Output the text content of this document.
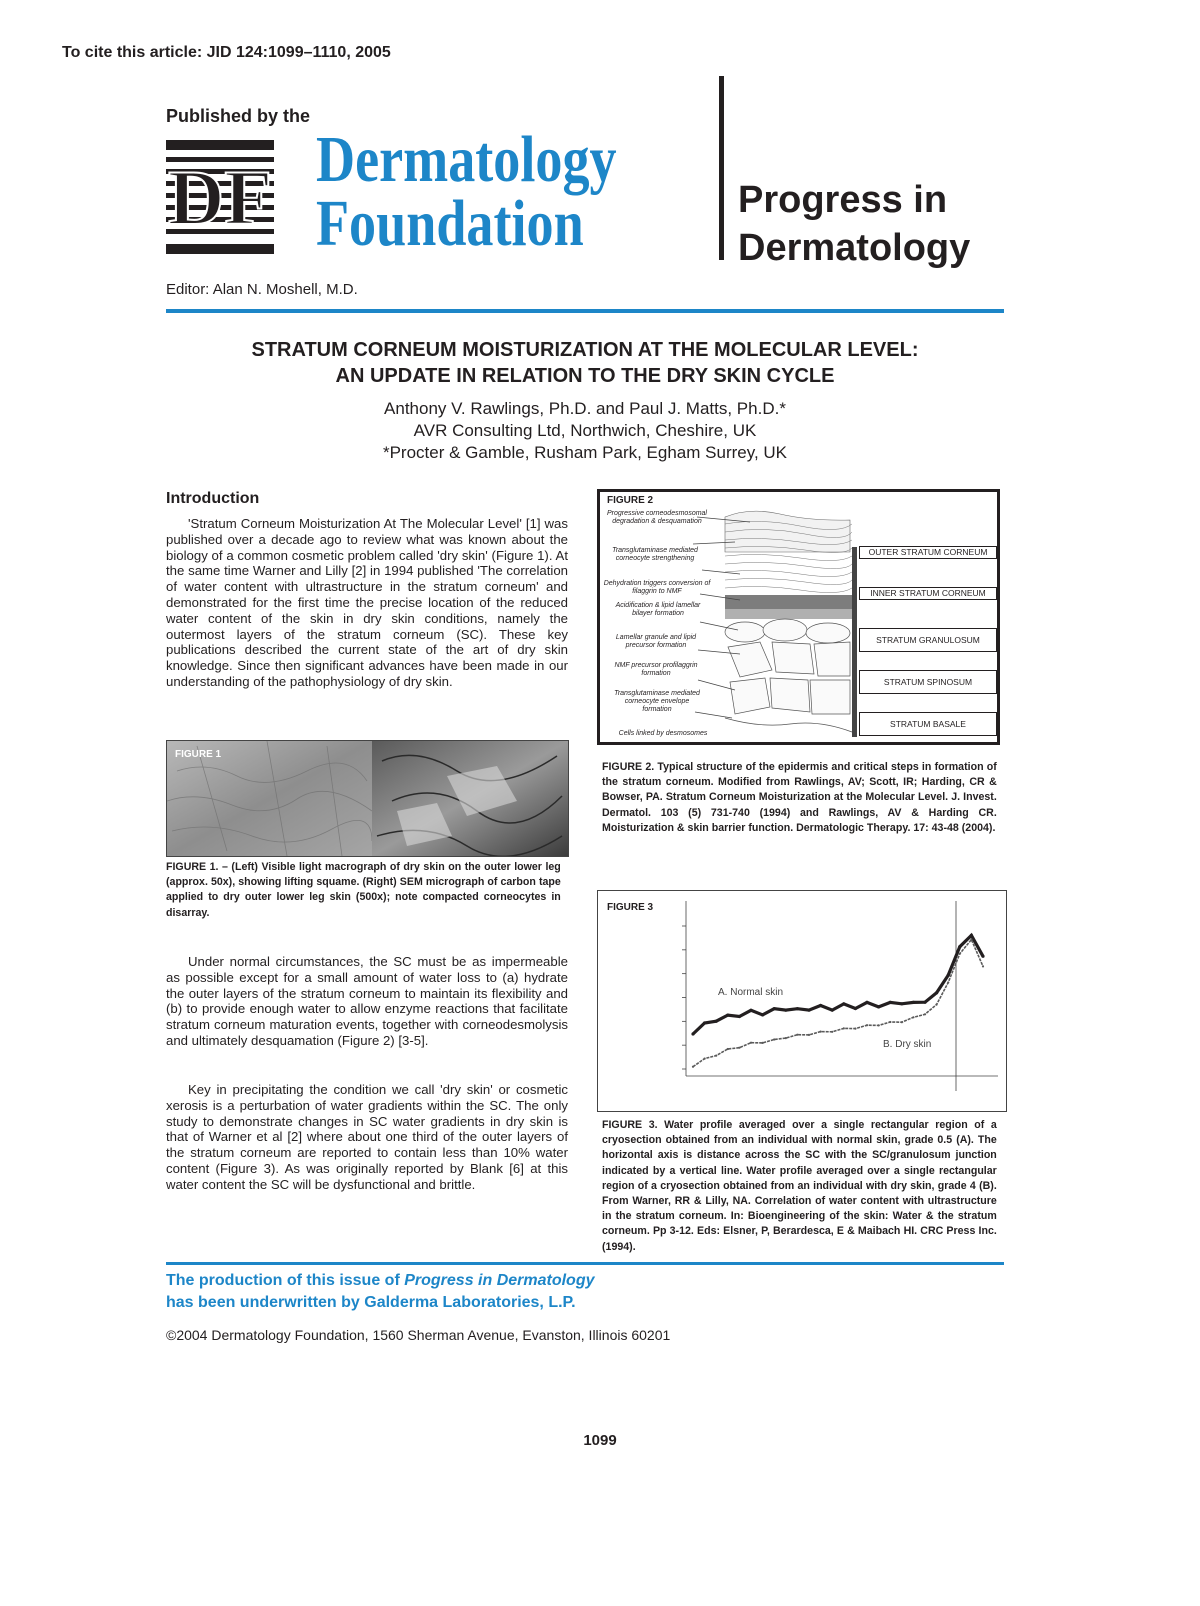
To cite this article: JID 124:1099–1110, 2005
Published by the
DF Dermatology
Foundation	Progress in
Dermatology
Editor: Alan N. Moshell, M.D.
STRATUM CORNEUM MOISTURIZATION AT THE MOLECULAR LEVEL:
AN UPDATE IN RELATION TO THE DRY SKIN CYCLE
Anthony V. Rawlings, Ph.D. and Paul J. Matts, Ph.D.*
AVR Consulting Ltd, Northwich, Cheshire, UK
*Procter & Gamble, Rusham Park, Egham Surrey, UK
Introduction

'Stratum Corneum Moisturization At The Molecular Level' [1] was published over a decade ago to review what was known about the biology of a common cosmetic problem called 'dry skin' (Figure 1). At the same time Warner and Lilly [2] in 1994 published 'The correlation of water content with ultrastructure in the stratum corneum' and demonstrated for the first time the precise location of the reduced water content of the skin in dry skin conditions, namely the outermost layers of the stratum corneum (SC). These key publications described the current state of the art of dry skin knowledge. Since then significant advances have been made in our understanding of the pathophysiology of dry skin.

FIGURE 1
FIGURE 1. – (Left) Visible light macrograph of dry skin on the outer lower leg (approx. 50x), showing lifting squame. (Right) SEM micrograph of carbon tape applied to dry outer lower leg skin (500x); note compacted corneocytes in disarray.

Under normal circumstances, the SC must be as impermeable as possible except for a small amount of water loss to (a) hydrate the outer layers of the stratum corneum to maintain its flexibility and (b) to provide enough water to allow enzyme reactions that facilitate stratum corneum maturation events, together with corneodesmolysis and ultimately desquamation (Figure 2) [3-5].

Key in precipitating the condition we call 'dry skin' or cosmetic xerosis is a perturbation of water gradients within the SC. The only study to demonstrate changes in SC water gradients in dry skin is that of Warner et al [2] where about one third of the outer layers of the stratum corneum are reported to contain less than 10% water content (Figure 3). As was originally reported by Blank [6] at this water content the SC will be dysfunctional and brittle.

FIGURE 2
Progressive corneodesmosomal degradation & desquamation
Transglutaminase mediated corneocyte strengthening
Dehydration triggers conversion of filaggrin to NMF
Acidification & lipid lamellar bilayer formation
Lamellar granule and lipid precursor formation
NMF precursor profilaggrin formation
Transglutaminase mediated corneocyte envelope formation
Cells linked by desmosomes
OUTER STRATUM CORNEUM
INNER STRATUM CORNEUM
STRATUM GRANULOSUM
STRATUM SPINOSUM
STRATUM BASALE
FIGURE 2. Typical structure of the epidermis and critical steps in formation of the stratum corneum. Modified from Rawlings, AV; Scott, IR; Harding, CR & Bowser, PA. Stratum Corneum Moisturization at the Molecular Level. J. Invest. Dermatol. 103 (5) 731-740 (1994) and Rawlings, AV & Harding CR. Moisturization & skin barrier function. Dermatologic Therapy. 17: 43-48 (2004).
FIGURE 3
A. Normal skin
B. Dry skin
FIGURE 3. Water profile averaged over a single rectangular region of a cryosection obtained from an individual with normal skin, grade 0.5 (A). The horizontal axis is distance across the SC with the SC/granulosum junction indicated by a vertical line. Water profile averaged over a single rectangular region of a cryosection obtained from an individual with dry skin, grade 4 (B). From Warner, RR & Lilly, NA. Correlation of water content with ultrastructure in the stratum corneum. In: Bioengineering of the skin: Water & the stratum corneum. Pp 3-12. Eds: Elsner, P, Berardesca, E & Maibach HI. CRC Press Inc. (1994).
The production of this issue of Progress in Dermatology
has been underwritten by Galderma Laboratories, L.P.
©2004 Dermatology Foundation, 1560 Sherman Avenue, Evanston, Illinois 60201
1099
